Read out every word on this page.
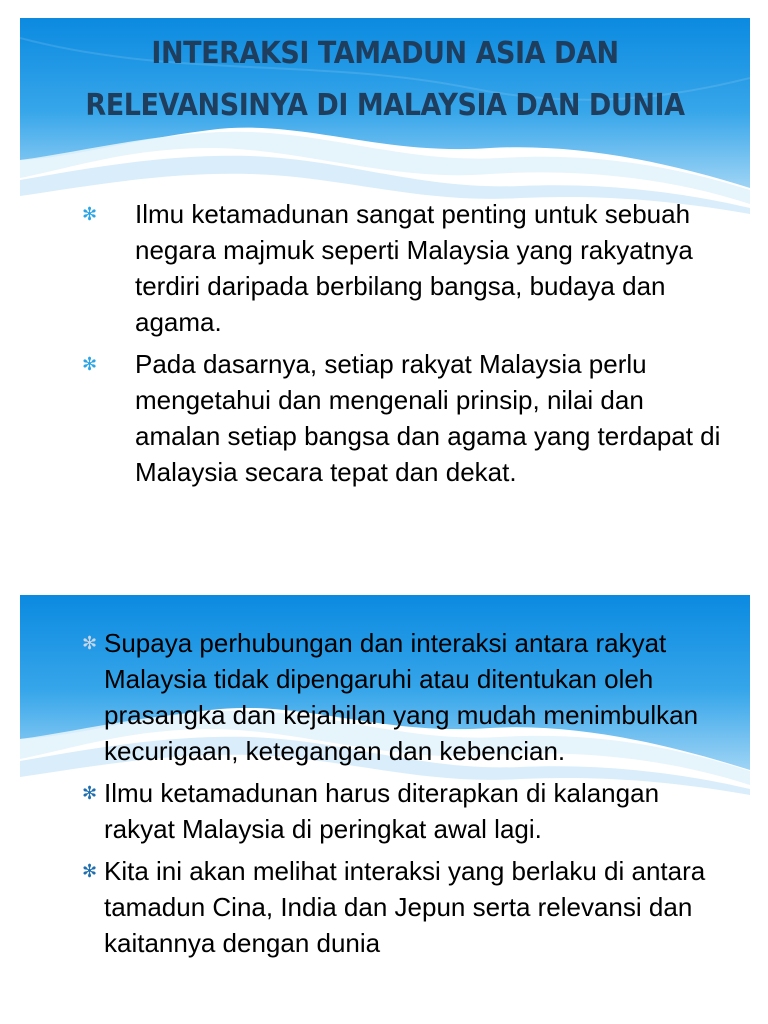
INTERAKSI TAMADUN ASIA DAN RELEVANSINYA DI MALAYSIA DAN DUNIA
✻ Ilmu ketamadunan sangat penting untuk sebuah negara majmuk seperti Malaysia yang rakyatnya terdiri daripada berbilang bangsa, budaya dan agama.
✻ Pada dasarnya, setiap rakyat Malaysia perlu mengetahui dan mengenali prinsip, nilai dan amalan setiap bangsa dan agama yang terdapat di Malaysia secara tepat dan dekat.
✻ Supaya perhubungan dan interaksi antara rakyat Malaysia tidak dipengaruhi atau ditentukan oleh prasangka dan kejahilan yang mudah menimbulkan kecurigaan, ketegangan dan kebencian.
✻ Ilmu ketamadunan harus diterapkan di kalangan rakyat Malaysia di peringkat awal lagi.
✻ Kita ini akan melihat interaksi yang berlaku di antara tamadun Cina, India dan Jepun serta relevansi dan kaitannya dengan dunia
